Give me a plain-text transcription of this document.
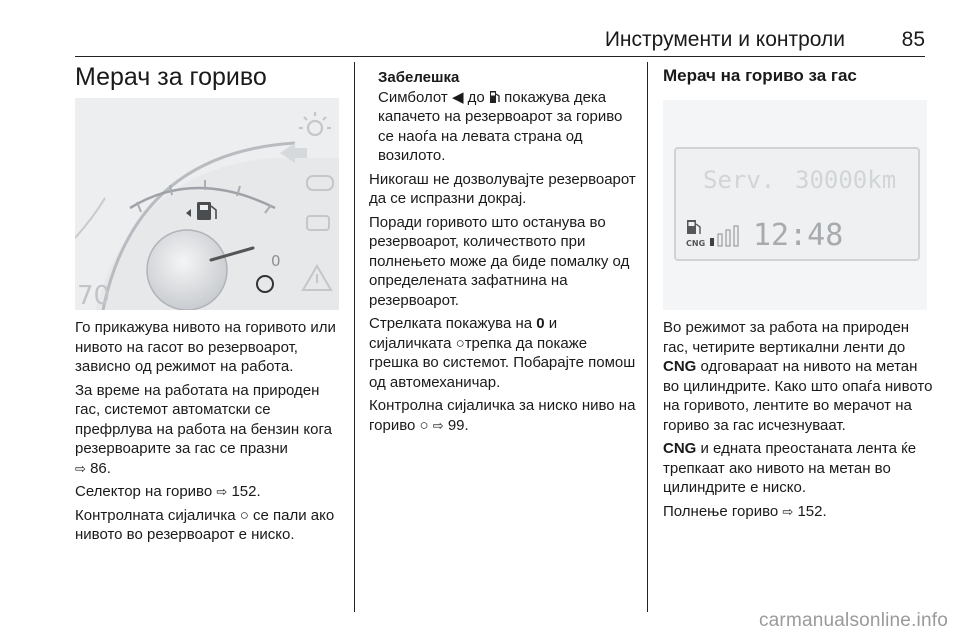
Инструменти и контроли	85
Мерач за гориво
0
70

Го прикажува нивото на горивото или нивото на гасот во резервоарот, зависно од режимот на работа.

За време на работата на природен гас, системот автоматски се префрлува на работа на бензин кога резервоарите за гас се празни
⇨ 86.

Селектор на гориво ⇨ 152.

Контролната сијаличка ○ се пали ако нивото во резервоарот е ниско.

Забелешка

Симболот ◀ до покажува дека капачето на резервоарот за гориво се наоѓа на левата страна од возилото.

Никогаш не дозволувајте резервоарот да се испразни докрај.

Поради горивото што останува во резервоарот, количеството при полнењето може да биде помалку од определената зафатнина на резервоарот.

Стрелката покажува на 0 и сијаличката ○трепка да покаже грешка во системот. Побарајте помош од автомеханичар.

Контролна сијаличка за ниско ниво на гориво ○ ⇨ 99.

Мерач на гориво за гас
Serv. 30000km
CNG 12:48

Во режимот за работа на природен гас, четирите вертикални ленти до CNG одговараат на нивото на метан во цилиндрите. Како што опаѓа нивото на горивото, лентите во мерачот на гориво за гас исчезнуваат.

CNG и едната преостаната лента ќе трепкаат ако нивото на метан во цилиндрите е ниско.

Полнење гориво ⇨ 152.

carmanualsonline.info
